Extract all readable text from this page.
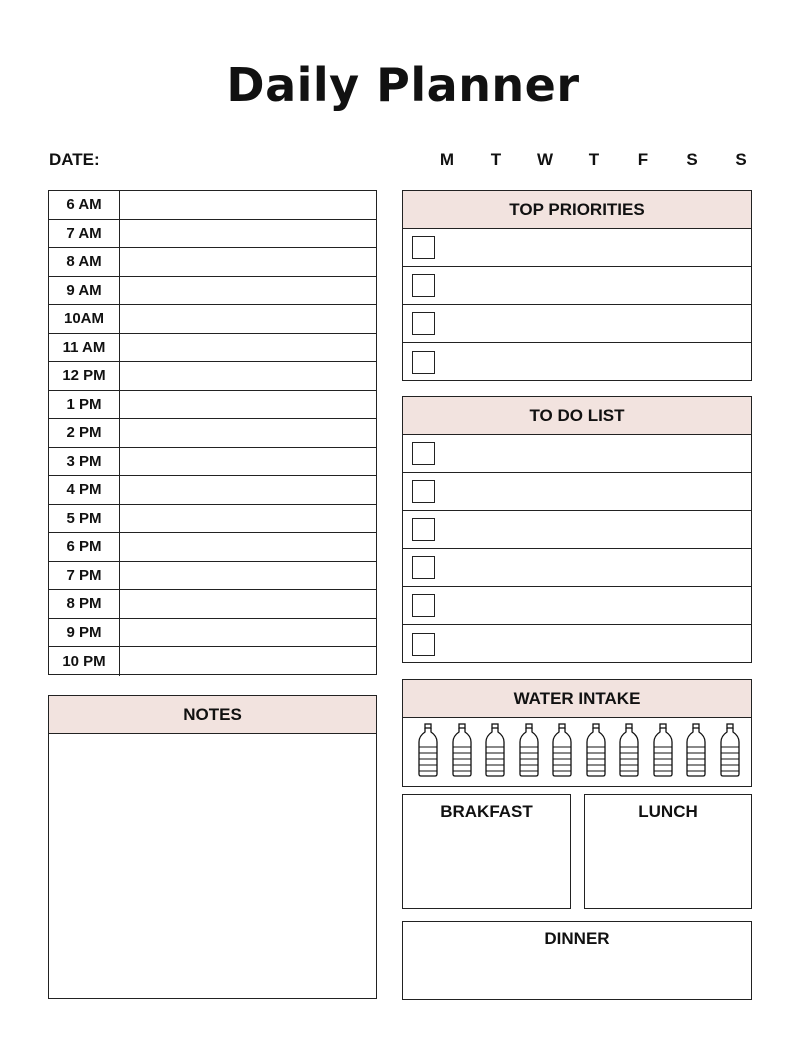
Daily Planner
DATE:	M	T	W	T	F	S	S
6 AM
7 AM
8 AM
9 AM
10AM
11 AM
12 PM
1 PM
2 PM
3 PM
4 PM
5 PM
6 PM
7 PM
8 PM
9 PM
10 PM
TOP PRIORITIES
TO DO LIST
WATER INTAKE
BRAKFAST	LUNCH
DINNER
NOTES
